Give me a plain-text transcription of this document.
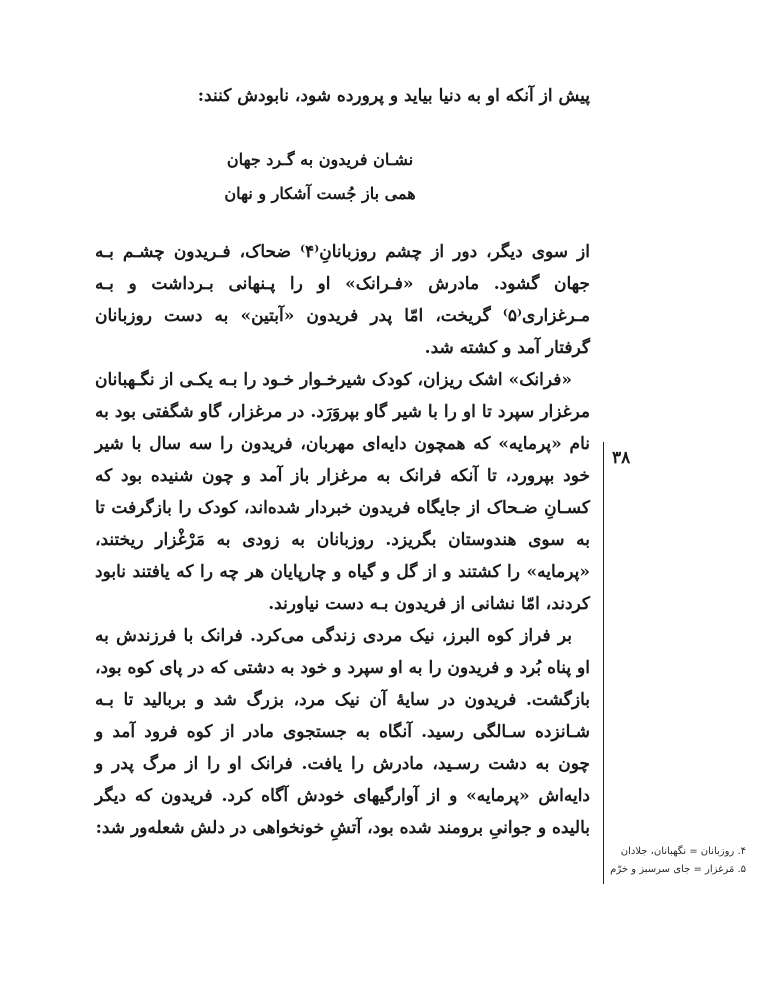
پیش از آنکه او به دنیا بیاید و پرورده شود، نابودش کنند:
نشـان فریدون به گـرد جهان
همی باز جُست آشکار و نهان

از سوی دیگر، دور از چشم روزبانانِ⁽۴⁾ ضحاک، فـریدون چشـم بـه جهان گشود. مادرش «فـرانک» او را پـنهانی بـرداشت و بـه مـرغزاری⁽۵⁾ گریخت، امّا پدر فریدون «آبتین» به دست روزبانان گرفتار آمد و کشته شد.

«فرانک» اشک ریزان، کودک شیرخـوار خـود را بـه یکـی از نگـهبانان مرغزار سپرد تا او را با شیر گاو بپروَرَد. در مرغزار، گاو شگفتی بود به نام «پرمایه» که همچون دایه‌ای مهربان، فریدون را سه سال با شیر خود بپرورد، تا آنکه فرانک به مرغزار باز آمد و چون شنیده بود که کسـانِ ضـحاک از جایگاه فریدون خبردار شده‌اند، کودک را بازگرفت تا به سوی هندوستان بگریزد. روزبانان به زودی به مَرْغْزار ریختند، «پرمایه» را کشتند و از گل و گیاه و چارپایان هر چه را که یافتند نابود کردند، امّا نشانی از فریدون بـه دست نیاورند.

بر فراز کوه البرز، نیک مردی زندگی می‌کرد. فرانک با فرزندش به او پناه بُرد و فریدون را به او سپرد و خود به دشتی که در پای کوه بود، بازگشت. فریدون در سایهٔ آن نیک مرد، بزرگ شد و بربالید تا بـه شـانزده سـالگی رسید. آنگاه به جستجوی مادر از کوه فرود آمد و چون به دشت رسـید، مادرش را یافت. فرانک او را از مرگ پدر و دایه‌اش «پرمایه» و از آوارگیهای خودش آگاه کرد. فریدون که دیگر بالیده و جوانیِ برومند شده بود، آتشِ خونخواهی در دلش شعله‌ور شد:

۳۸
۴. روزبانان = نگهبانان، جلادان
۵. مَرغزار = جای سرسبز و خرّم
